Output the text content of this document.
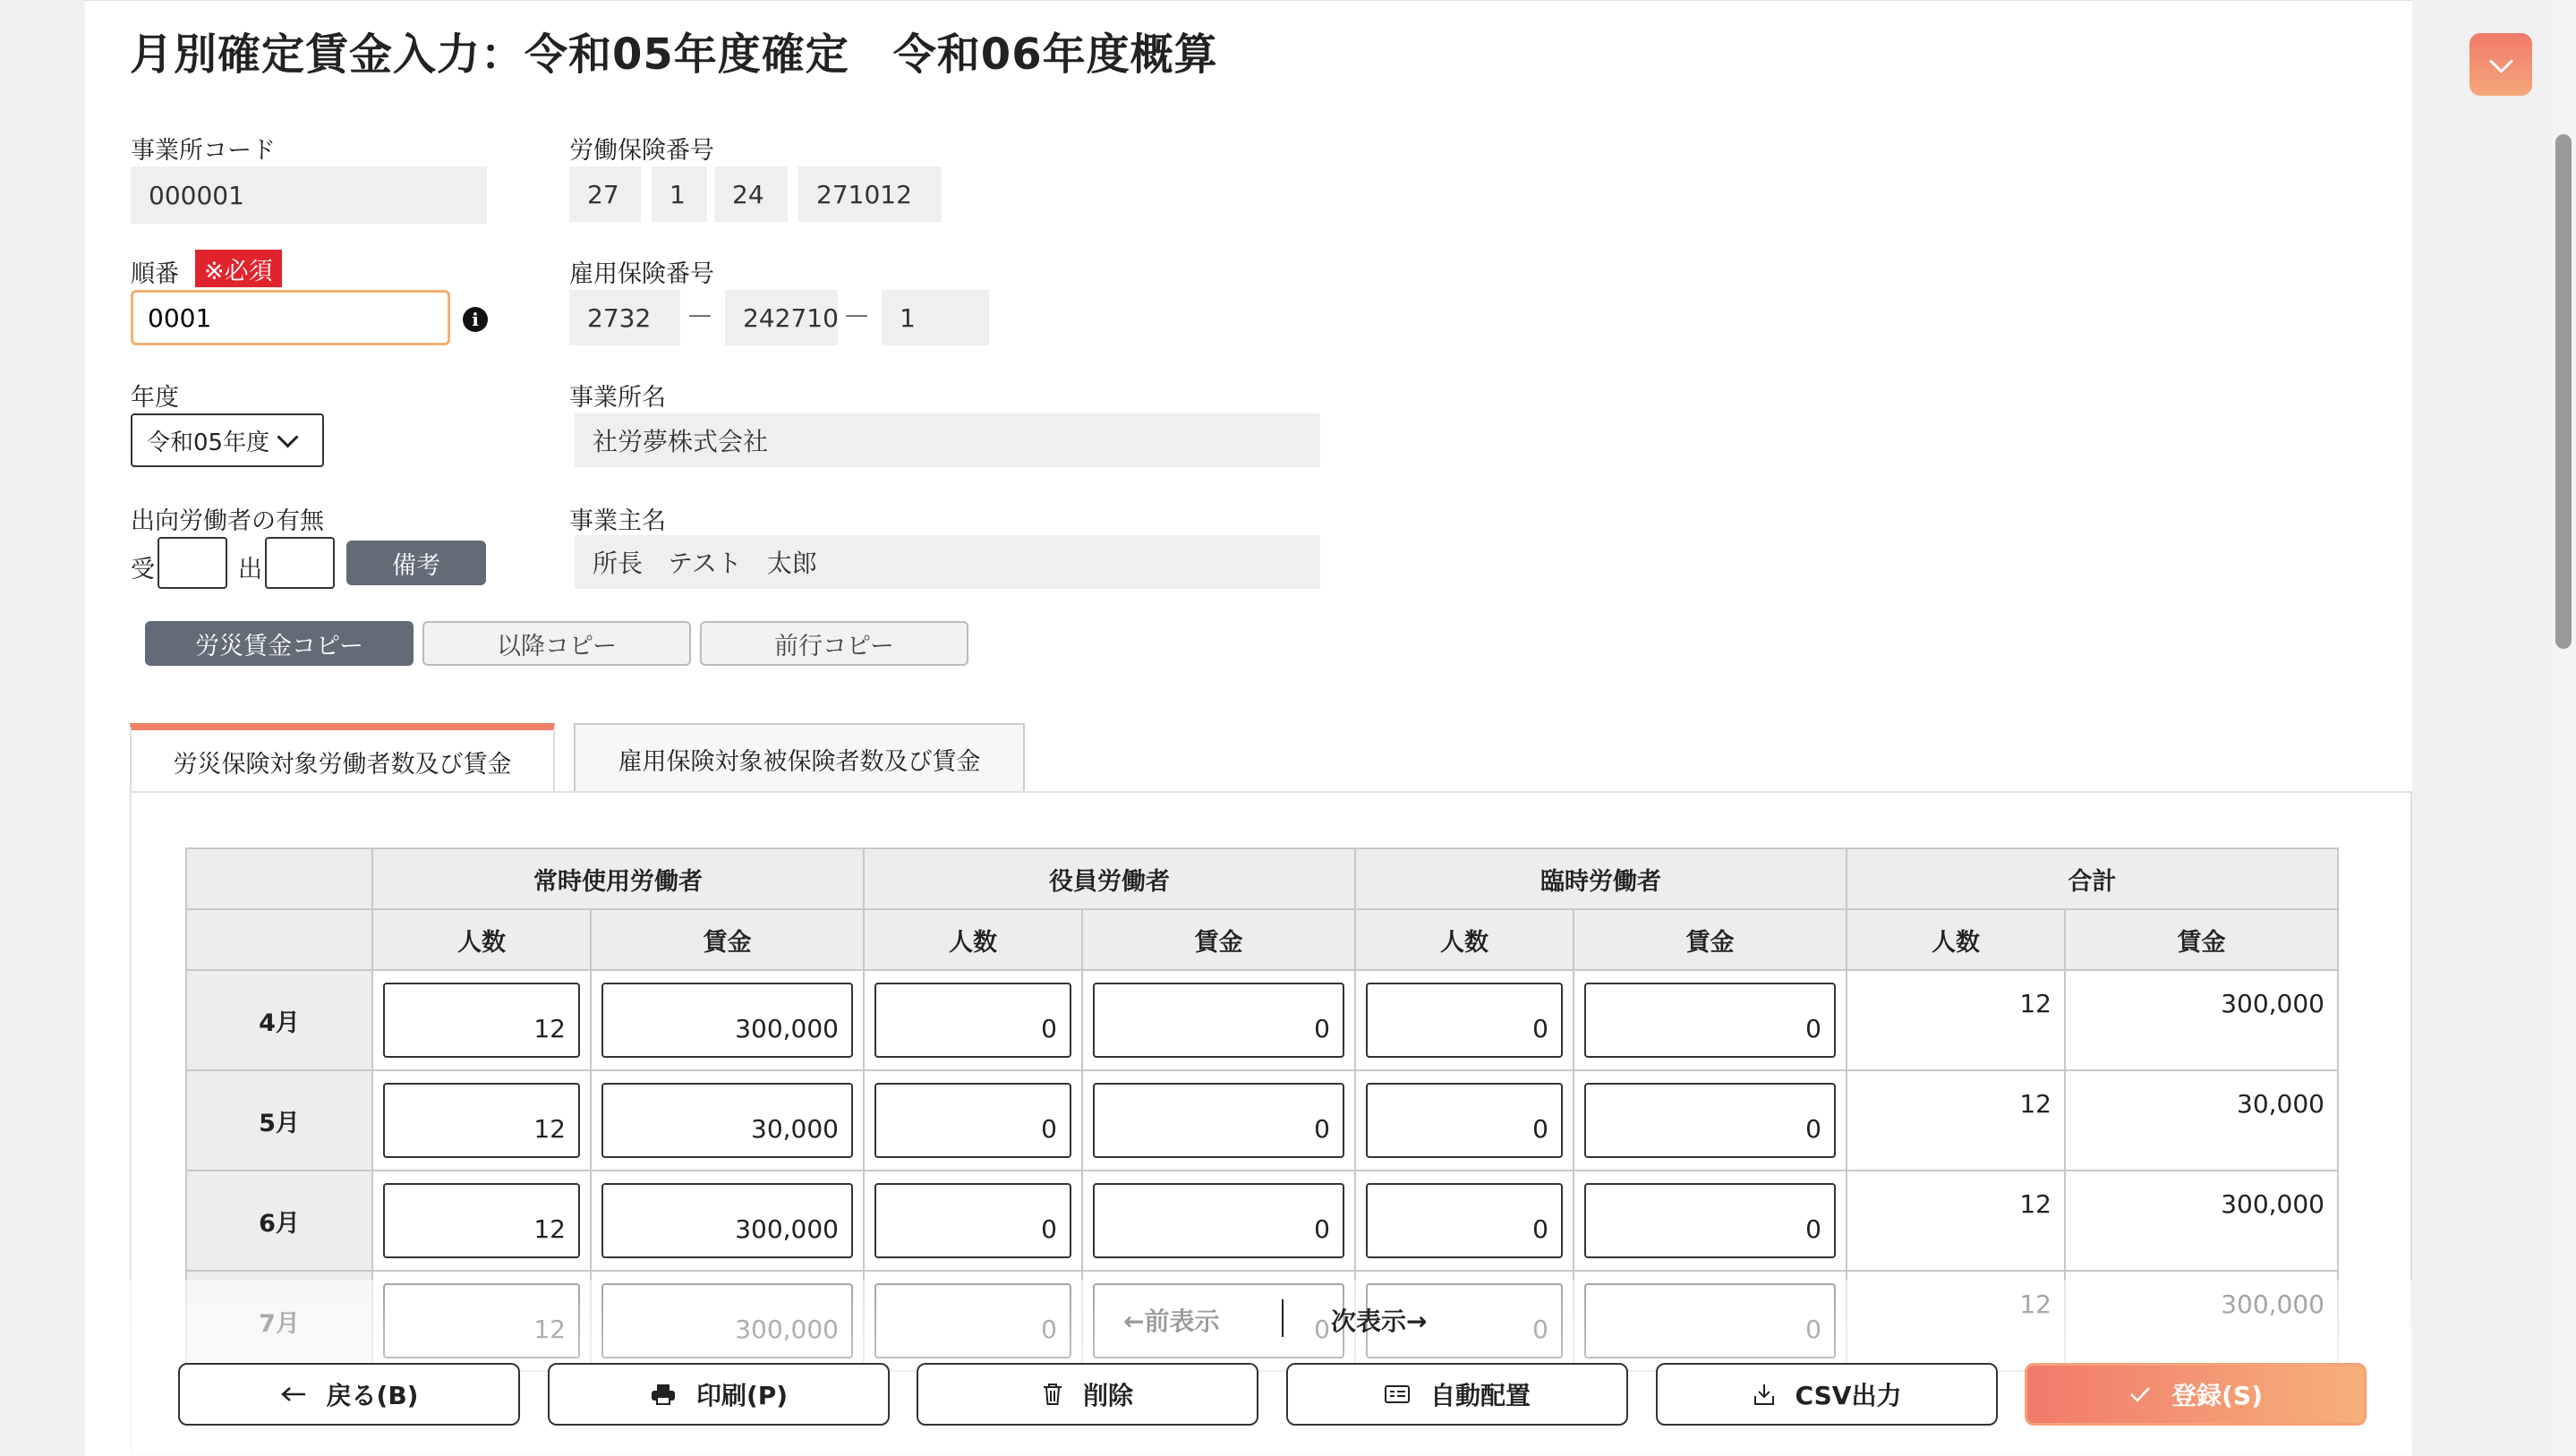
月別確定賃金入力：令和05年度確定　令和06年度概算
事業所コード
000001
順番	※必須
0001
i
年度
令和05年度
出向労働者の有無
受	出	備考
労働保険番号
27	1	24	271012
雇用保険番号
2732	—	242710 —	1
事業所名
社労夢株式会社
事業主名
所長　テスト　太郎
労災賃金コピー	以降コピー	前行コピー
労災保険対象労働者数及び賃金	雇用保険対象被保険者数及び賃金
	常時使用労働者		役員労働者		臨時労働者		合計	
	人数	賃金	人数	賃金	人数	賃金	人数	賃金
4月	12	300,000	0	0	0	0	12	300,000
5月	12	30,000	0	0	0	0	12	30,000
6月	12	300,000	0	0	0	0	12	300,000

←前表示	次表示→
戻る(B)	印刷(P)	削除	自動配置	CSV出力	登録(S)
